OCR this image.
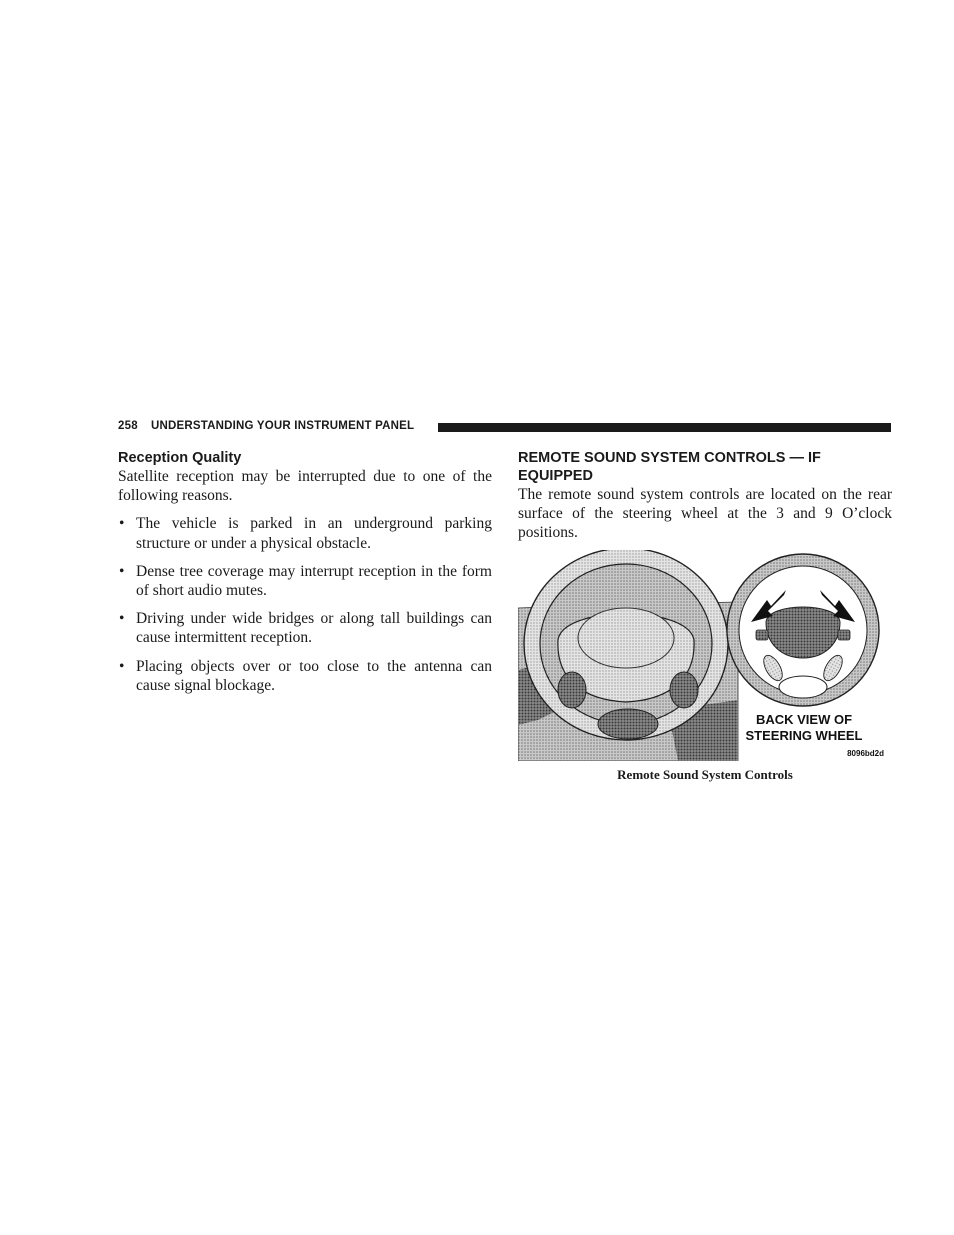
258 UNDERSTANDING YOUR INSTRUMENT PANEL
Reception Quality

Satellite reception may be interrupted due to one of the following reasons.

• The vehicle is parked in an underground parking structure or under a physical obstacle.
• Dense tree coverage may interrupt reception in the form of short audio mutes.
• Driving under wide bridges or along tall buildings can cause intermittent reception.
• Placing objects over or too close to the antenna can cause signal blockage.
REMOTE SOUND SYSTEM CONTROLS — IF EQUIPPED

The remote sound system controls are located on the rear surface of the steering wheel at the 3 and 9 O’clock positions.

BACK VIEW OF
STEERING WHEEL
8096bd2d
Remote Sound System Controls
